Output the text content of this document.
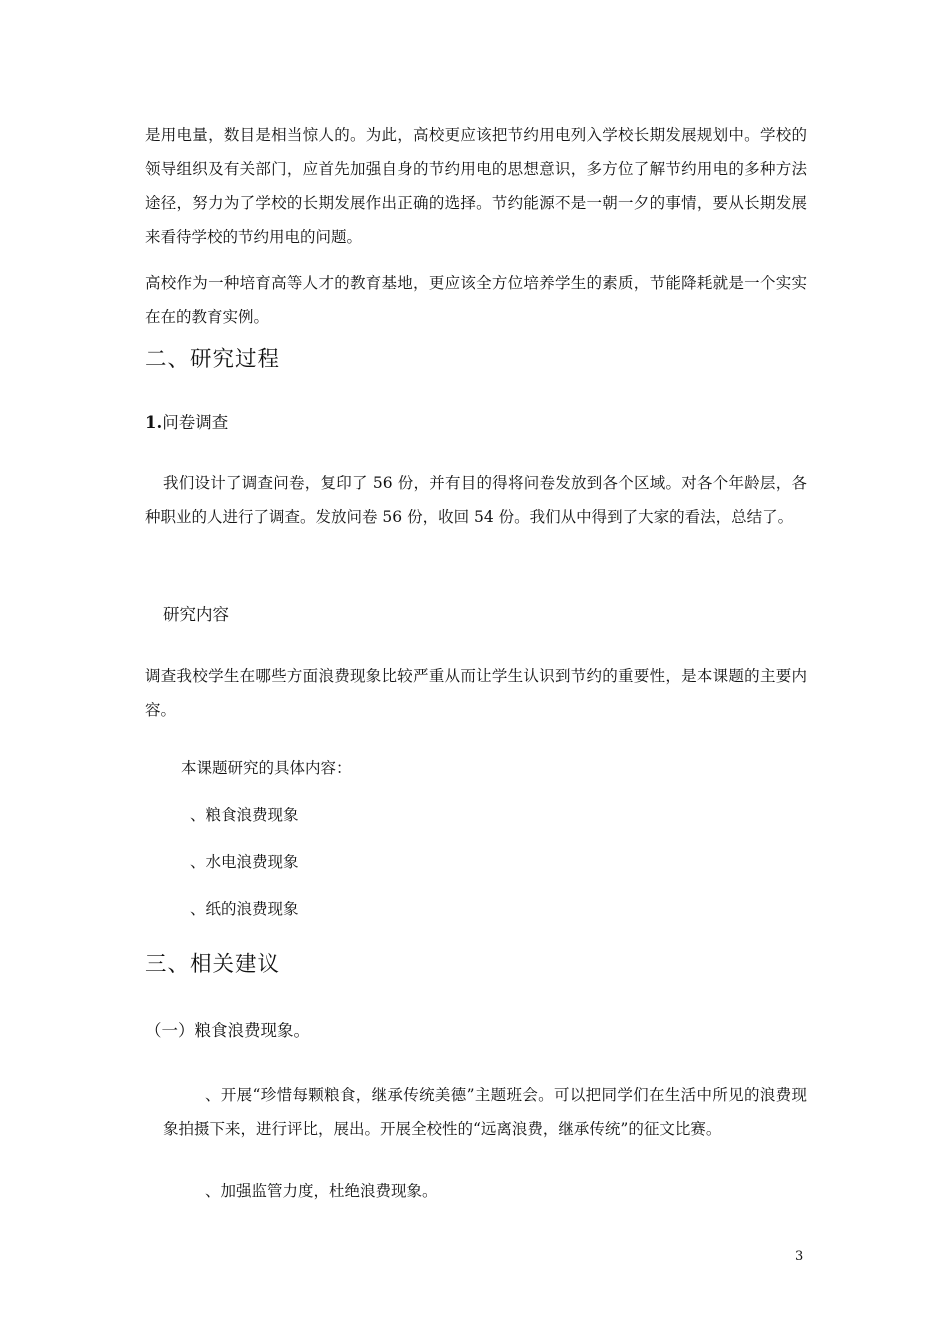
是用电量，数目是相当惊人的。为此，高校更应该把节约用电列入学校长期发展规划中。学校的领导组织及有关部门，应首先加强自身的节约用电的思想意识，多方位了解节约用电的多种方法途径，努力为了学校的长期发展作出正确的选择。节约能源不是一朝一夕的事情，要从长期发展来看待学校的节约用电的问题。

高校作为一种培育高等人才的教育基地，更应该全方位培养学生的素质，节能降耗就是一个实实在在的教育实例。

二、研究过程
1.问卷调查

我们设计了调查问卷，复印了 56 份，并有目的得将问卷发放到各个区域。对各个年龄层，各种职业的人进行了调查。发放问卷 56 份，收回 54 份。我们从中得到了大家的看法，总结了。

研究内容

调查我校学生在哪些方面浪费现象比较严重从而让学生认识到节约的重要性，是本课题的主要内容。

本课题研究的具体内容：
、粮食浪费现象
、水电浪费现象
、纸的浪费现象
三、相关建议
（一）粮食浪费现象。

、开展“珍惜每颗粮食，继承传统美德”主题班会。可以把同学们在生活中所见的浪费现象拍摄下来，进行评比，展出。开展全校性的“远离浪费，继承传统”的征文比赛。

、加强监管力度，杜绝浪费现象。

3
